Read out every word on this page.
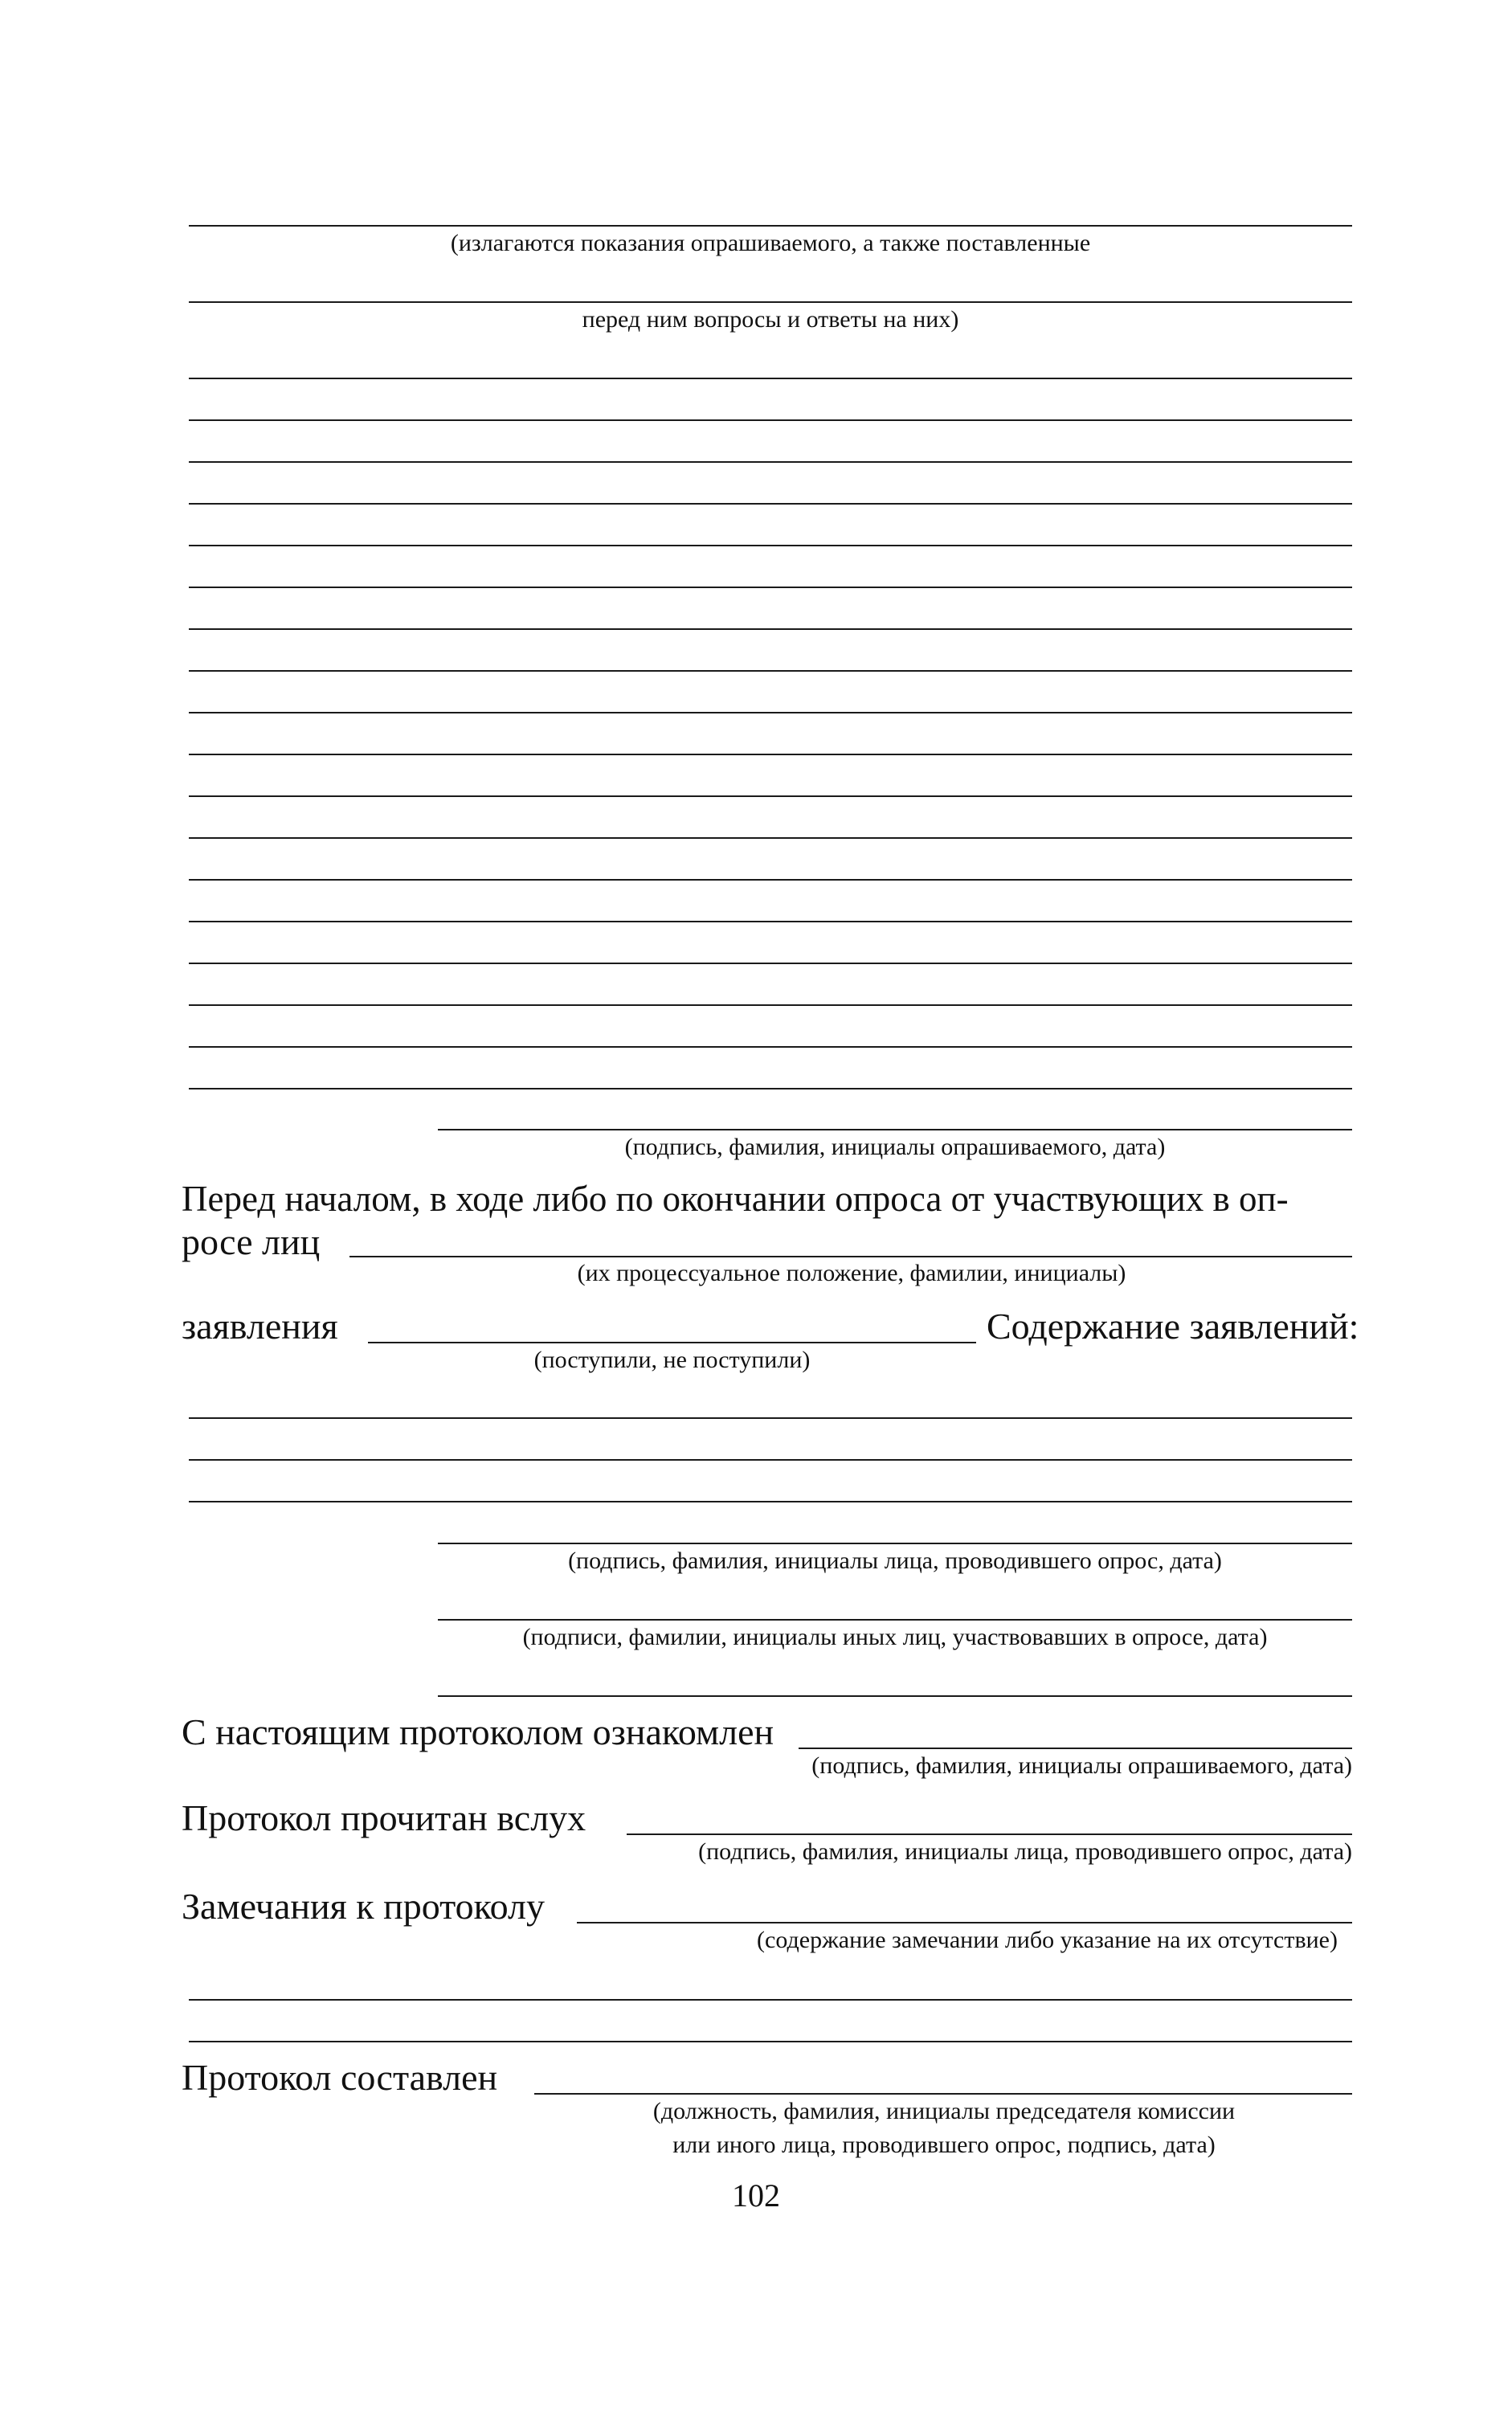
(излагаются показания опрашиваемого, а также поставленные
перед ним вопросы и ответы на них)
(подпись, фамилия, инициалы опрашиваемого, дата)
Перед началом, в ходе либо по окончании опроса от участвующих в оп-
росе лиц
(их процессуальное положение, фамилии, инициалы)
заявления	Содержание заявлений:
(поступили, не поступили)
(подпись, фамилия, инициалы лица, проводившего опрос, дата)
(подписи, фамилии, инициалы иных лиц, участвовавших в опросе, дата)
С настоящим протоколом ознакомлен
(подпись, фамилия, инициалы опрашиваемого, дата)
Протокол прочитан вслух
(подпись, фамилия, инициалы лица, проводившего опрос, дата)
Замечания к протоколу
(содержание замечании либо указание на их отсутствие)
Протокол составлен
(должность, фамилия, инициалы председателя комиссии
или иного лица, проводившего опрос, подпись, дата)
102
